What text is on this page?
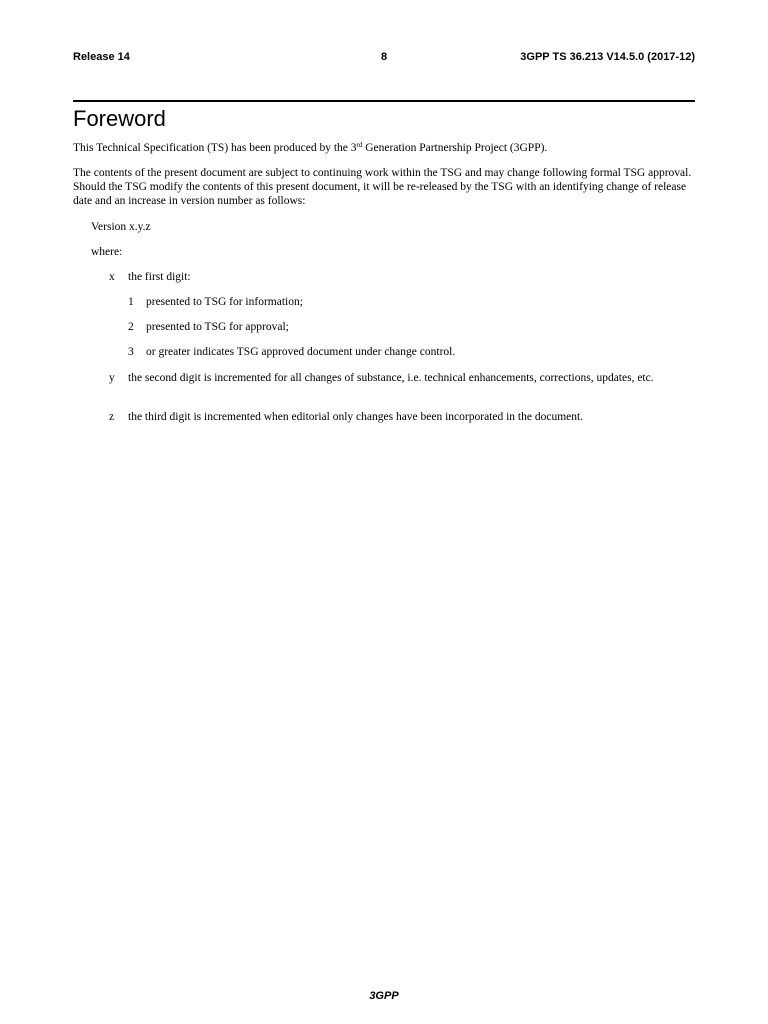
Release 14	8	3GPP TS 36.213 V14.5.0 (2017-12)
Foreword

This Technical Specification (TS) has been produced by the 3rd Generation Partnership Project (3GPP).

The contents of the present document are subject to continuing work within the TSG and may change following formal TSG approval. Should the TSG modify the contents of this present document, it will be re-released by the TSG with an identifying change of release date and an increase in version number as follows:

Version x.y.z

where:

x the first digit:
1 presented to TSG for information;
2 presented to TSG for approval;
3 or greater indicates TSG approved document under change control.
y the second digit is incremented for all changes of substance, i.e. technical enhancements, corrections, updates, etc.
z the third digit is incremented when editorial only changes have been incorporated in the document.
3GPP
